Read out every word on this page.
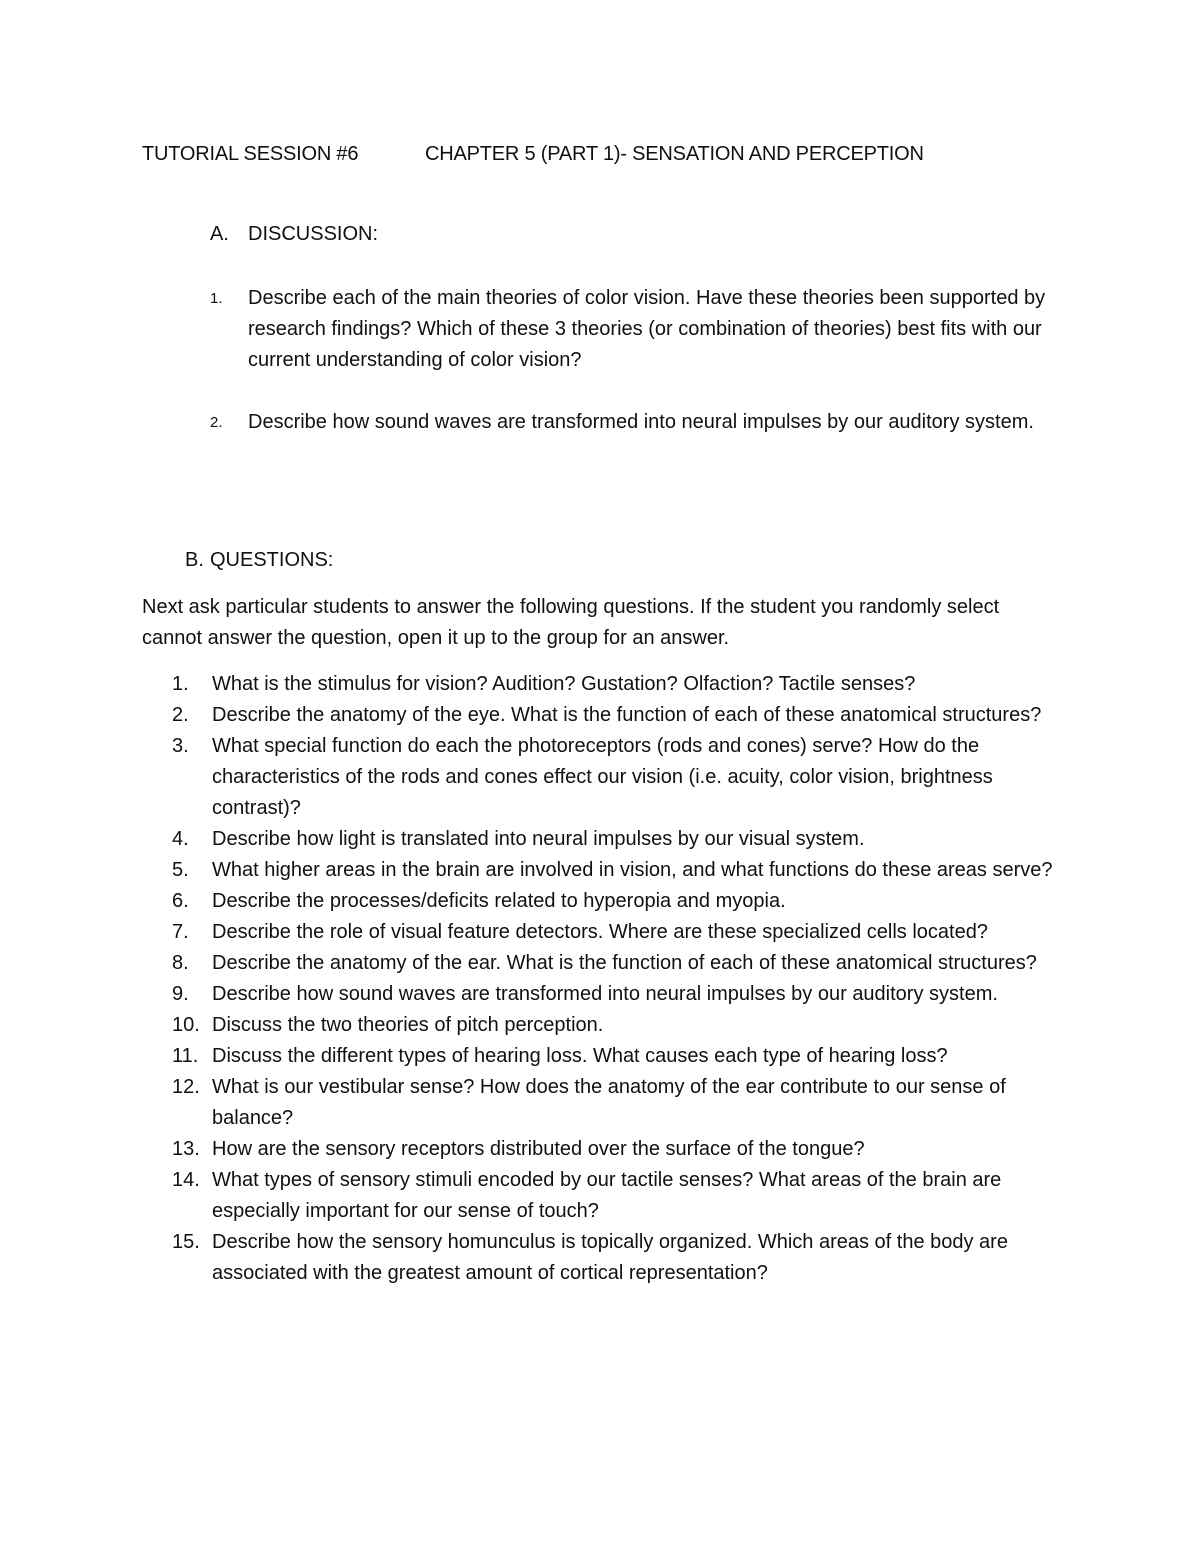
TUTORIAL SESSION #6	CHAPTER 5 (PART 1)- SENSATION AND PERCEPTION
A. DISCUSSION:
1. Describe each of the main theories of color vision. Have these theories been supported by research findings? Which of these 3 theories (or combination of theories) best fits with our current understanding of color vision?
2. Describe how sound waves are transformed into neural impulses by our auditory system.
B. QUESTIONS:
Next ask particular students to answer the following questions. If the student you randomly select cannot answer the question, open it up to the group for an answer.
1. What is the stimulus for vision? Audition? Gustation? Olfaction? Tactile senses?
2. Describe the anatomy of the eye. What is the function of each of these anatomical structures?
3. What special function do each the photoreceptors (rods and cones) serve? How do the characteristics of the rods and cones effect our vision (i.e. acuity, color vision, brightness contrast)?
4. Describe how light is translated into neural impulses by our visual system.
5. What higher areas in the brain are involved in vision, and what functions do these areas serve?
6. Describe the processes/deficits related to hyperopia and myopia.
7. Describe the role of visual feature detectors. Where are these specialized cells located?
8. Describe the anatomy of the ear. What is the function of each of these anatomical structures?
9. Describe how sound waves are transformed into neural impulses by our auditory system.
10. Discuss the two theories of pitch perception.
11. Discuss the different types of hearing loss. What causes each type of hearing loss?
12. What is our vestibular sense? How does the anatomy of the ear contribute to our sense of balance?
13. How are the sensory receptors distributed over the surface of the tongue?
14. What types of sensory stimuli encoded by our tactile senses? What areas of the brain are especially important for our sense of touch?
15. Describe how the sensory homunculus is topically organized. Which areas of the body are associated with the greatest amount of cortical representation?
